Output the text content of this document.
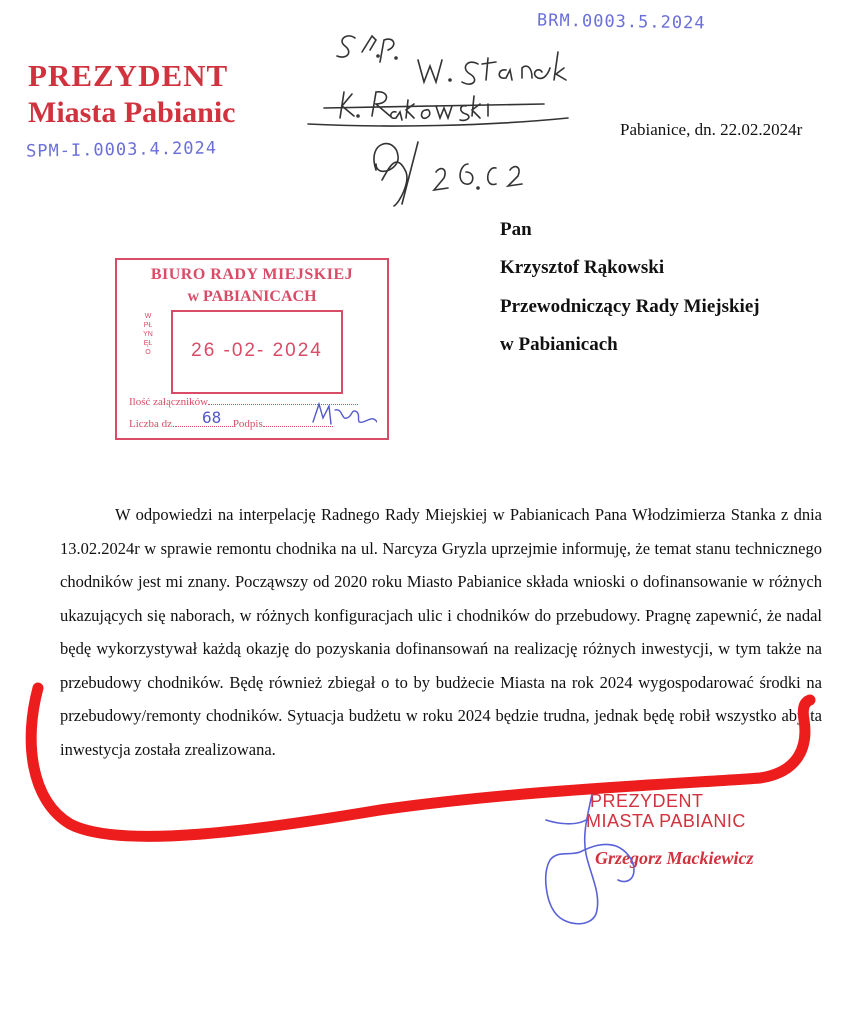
PREZYDENT
Miasta Pabianic
SPM-I.0003.4.2024
BRM.0003.5.2024
Pabianice, dn. 22.02.2024r
Pan
Krzysztof Rąkowski
Przewodniczący Rady Miejskiej
w Pabianicach
BIURO RADY MIEJSKIEJ
w PABIANICACH
WPŁYNĘŁO	26 -02- 2024
Ilość załączników
Liczba dz.	Podpis
68

W odpowiedzi na interpelację Radnego Rady Miejskiej w Pabianicach Pana Włodzimierza Stanka z dnia 13.02.2024r w sprawie remontu chodnika na ul. Narcyza Gryzla uprzejmie informuję, że temat stanu technicznego chodników jest mi znany. Począwszy od 2020 roku Miasto Pabianice składa wnioski o dofinansowanie w różnych ukazujących się naborach, w różnych konfiguracjach ulic i chodników do przebudowy. Pragnę zapewnić, że nadal będę wykorzystywał każdą okazję do pozyskania dofinansowań na realizację różnych inwestycji, w tym także na przebudowy chodników. Będę również zbiegał o to by budżecie Miasta na rok 2024 wygospodarować środki na przebudowy/remonty chodników. Sytuacja budżetu w roku 2024 będzie trudna, jednak będę robił wszystko aby ta inwestycja została zrealizowana.

PREZYDENT
MIASTA PABIANIC
Grzegorz Mackiewicz
